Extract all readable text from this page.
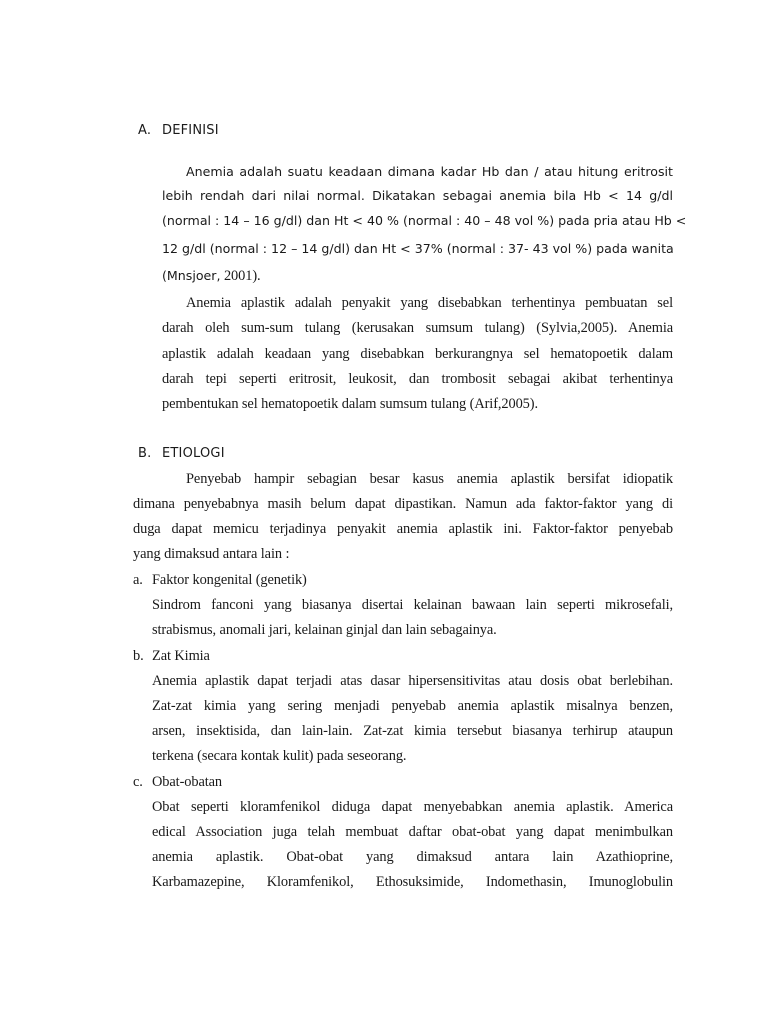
A. DEFINISI
Anemia adalah suatu keadaan dimana kadar Hb dan / atau hitung eritrosit
lebih rendah dari nilai normal. Dikatakan sebagai anemia bila Hb < 14 g/dl
(normal : 14 – 16 g/dl) dan Ht < 40 % (normal : 40 – 48 vol %) pada pria atau Hb <
12 g/dl (normal : 12 – 14 g/dl) dan Ht < 37% (normal : 37- 43 vol %) pada wanita
(Mnsjoer, 2001).
Anemia aplastik adalah penyakit yang disebabkan terhentinya pembuatan sel
darah oleh sum-sum tulang (kerusakan sumsum tulang) (Sylvia,2005). Anemia
aplastik adalah keadaan yang disebabkan berkurangnya sel hematopoetik dalam
darah tepi seperti eritrosit, leukosit, dan trombosit sebagai akibat terhentinya
pembentukan sel hematopoetik dalam sumsum tulang (Arif,2005).
B. ETIOLOGI
Penyebab hampir sebagian besar kasus anemia aplastik bersifat idiopatik
dimana penyebabnya masih belum dapat dipastikan. Namun ada faktor-faktor yang di
duga dapat memicu terjadinya penyakit anemia aplastik ini. Faktor-faktor penyebab
yang dimaksud antara lain :
a. Faktor kongenital (genetik)
Sindrom fanconi yang biasanya disertai kelainan bawaan lain seperti mikrosefali,
strabismus, anomali jari, kelainan ginjal dan lain sebagainya.
b. Zat Kimia
Anemia aplastik dapat terjadi atas dasar hipersensitivitas atau dosis obat berlebihan.
Zat-zat kimia yang sering menjadi penyebab anemia aplastik misalnya benzen,
arsen, insektisida, dan lain-lain. Zat-zat kimia tersebut biasanya terhirup ataupun
terkena (secara kontak kulit) pada seseorang.
c. Obat-obatan
Obat seperti kloramfenikol diduga dapat menyebabkan anemia aplastik. America
edical Association juga telah membuat daftar obat-obat yang dapat menimbulkan
anemia aplastik. Obat-obat yang dimaksud antara lain Azathioprine,
Karbamazepine, Kloramfenikol, Ethosuksimide, Indomethasin, Imunoglobulin
